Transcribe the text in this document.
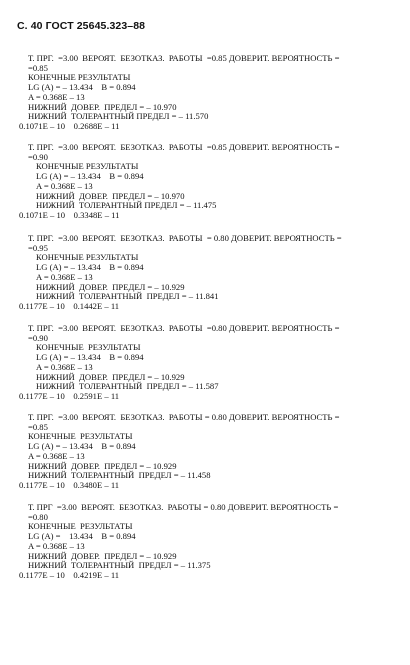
С. 40 ГОСТ 25645.323–88
Т. ПРГ.  =3.00  ВЕРОЯТ.  БЕЗОТКАЗ.  РАБОТЫ  =0.85 ДОВЕРИТ. ВЕРОЯТНОСТЬ =
=0.85
КОНЕЧНЫЕ РЕЗУЛЬТАТЫ
LG (A) = – 13.434    B = 0.894
A = 0.368E – 13
НИЖНИЙ  ДОВЕР.  ПРЕДЕЛ = – 10.970
НИЖНИЙ  ТОЛЕРАНТНЫЙ ПРЕДЕЛ = – 11.570
0.1071E – 10    0.2688E – 11
Т. ПРГ.  =3.00  ВЕРОЯТ.  БЕЗОТКАЗ.  РАБОТЫ  =0.85 ДОВЕРИТ. ВЕРОЯТНОСТЬ =
=0.90
КОНЕЧНЫЕ РЕЗУЛЬТАТЫ
LG (A) = – 13.434    B = 0.894
A = 0.368E – 13
НИЖНИЙ  ДОВЕР.  ПРЕДЕЛ = – 10.970
НИЖНИЙ  ТОЛЕРАНТНЫЙ ПРЕДЕЛ = – 11.475
0.1071E – 10    0.3348E – 11
Т. ПРГ.  =3.00  ВЕРОЯТ.  БЕЗОТКАЗ.  РАБОТЫ  = 0.80 ДОВЕРИТ. ВЕРОЯТНОСТЬ =
=0.95
КОНЕЧНЫЕ РЕЗУЛЬТАТЫ
LG (A) = – 13.434    B = 0.894
A = 0.368E – 13
НИЖНИЙ  ДОВЕР.  ПРЕДЕЛ = – 10.929
НИЖНИЙ  ТОЛЕРАНТНЫЙ  ПРЕДЕЛ = – 11.841
0.1177E – 10    0.1442E – 11
Т. ПРГ.  =3.00  ВЕРОЯТ.  БЕЗОТКАЗ.  РАБОТЫ  =0.80 ДОВЕРИТ. ВЕРОЯТНОСТЬ =
=0.90
КОНЕЧНЫЕ  РЕЗУЛЬТАТЫ
LG (A) = – 13.434    B = 0.894
A = 0.368E – 13
НИЖНИЙ  ДОВЕР.  ПРЕДЕЛ = – 10.929
НИЖНИЙ  ТОЛЕРАНТНЫЙ  ПРЕДЕЛ = – 11.587
0.1177E – 10    0.2591E – 11
Т. ПРГ.  =3.00  ВЕРОЯТ.  БЕЗОТКАЗ.  РАБОТЫ = 0.80 ДОВЕРИТ. ВЕРОЯТНОСТЬ =
=0.85
КОНЕЧНЫЕ  РЕЗУЛЬТАТЫ
LG (A) = – 13.434    B = 0.894
A = 0.368E – 13
НИЖНИЙ  ДОВЕР.  ПРЕДЕЛ = – 10.929
НИЖНИЙ  ТОЛЕРАНТНЫЙ  ПРЕДЕЛ = – 11.458
0.1177E – 10    0.3480E – 11
Т. ПРГ  =3.00  ВЕРОЯТ.  БЕЗОТКАЗ.  РАБОТЫ = 0.80 ДОВЕРИТ. ВЕРОЯТНОСТЬ =
=0.80
КОНЕЧНЫЕ  РЕЗУЛЬТАТЫ
LG (A) =    13.434    B = 0.894
A = 0.368E – 13
НИЖНИЙ  ДОВЕР.  ПРЕДЕЛ = – 10.929
НИЖНИЙ  ТОЛЕРАНТНЫЙ  ПРЕДЕЛ = – 11.375
0.1177E – 10    0.4219E – 11
